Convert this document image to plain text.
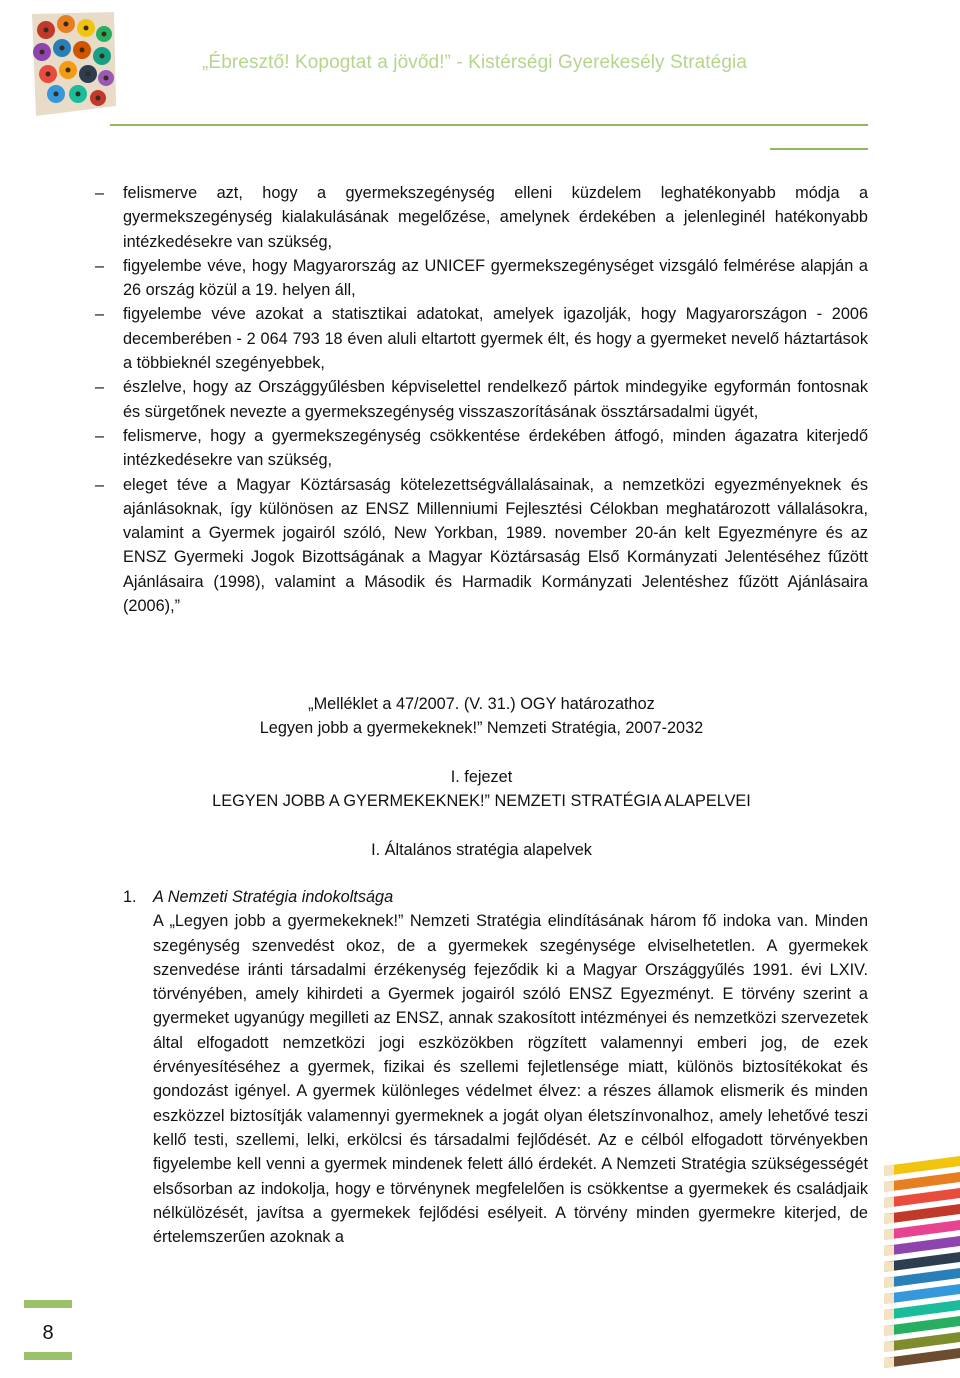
„Ébresztő! Kopogtat a jövőd!” - Kistérségi Gyerekesély Stratégia
–	felismerve azt, hogy a gyermekszegénység elleni küzdelem leghatékonyabb módja a gyermekszegénység kialakulásának megelőzése, amelynek érdekében a jelenleginél hatékonyabb intézkedésekre van szükség,
–	figyelembe véve, hogy Magyarország az UNICEF gyermekszegénységet vizsgáló felmérése alapján a 26 ország közül a 19. helyen áll,
–	figyelembe véve azokat a statisztikai adatokat, amelyek igazolják, hogy Magyarországon - 2006 decemberében - 2 064 793 18 éven aluli eltartott gyermek élt, és hogy a gyermeket nevelő háztartások a többieknél szegényebbek,
–	észlelve, hogy az Országgyűlésben képviselettel rendelkező pártok mindegyike egyformán fontosnak és sürgetőnek nevezte a gyermekszegénység visszaszorításának össztársadalmi ügyét,
–	felismerve, hogy a gyermekszegénység csökkentése érdekében átfogó, minden ágazatra kiterjedő intézkedésekre van szükség,
–	eleget téve a Magyar Köztársaság kötelezettségvállalásainak, a nemzetközi egyezményeknek és ajánlásoknak, így különösen az ENSZ Millenniumi Fejlesztési Célokban meghatározott vállalásokra, valamint a Gyermek jogairól szóló, New Yorkban, 1989. november 20-án kelt Egyezményre és az ENSZ Gyermeki Jogok Bizottságának a Magyar Köztársaság Első Kormányzati Jelentéséhez fűzött Ajánlásaira (1998), valamint a Második és Harmadik Kormányzati Jelentéshez fűzött Ajánlásaira (2006),”
„Melléklet a 47/2007. (V. 31.) OGY határozathoz
Legyen jobb a gyermekeknek!” Nemzeti Stratégia, 2007-2032
I. fejezet
LEGYEN JOBB A GYERMEKEKNEK!” NEMZETI STRATÉGIA ALAPELVEI
I. Általános stratégia alapelvek
1.	A Nemzeti Stratégia indokoltsága
A „Legyen jobb a gyermekeknek!” Nemzeti Stratégia elindításának három fő indoka van. Minden szegénység szenvedést okoz, de a gyermekek szegénysége elviselhetetlen. A gyermekek szenvedése iránti társadalmi érzékenység fejeződik ki a Magyar Országgyűlés 1991. évi LXIV. törvényében, amely kihirdeti a Gyermek jogairól szóló ENSZ Egyezményt. E törvény szerint a gyermeket ugyanúgy megilleti az ENSZ, annak szakosított intézményei és nemzetközi szervezetek által elfogadott nemzetközi jogi eszközökben rögzített valamennyi emberi jog, de ezek érvényesítéséhez a gyermek, fizikai és szellemi fejletlensége miatt, különös biztosítékokat és gondozást igényel. A gyermek különleges védelmet élvez: a részes államok elismerik és minden eszközzel biztosítják valamennyi gyermeknek a jogát olyan életszínvonalhoz, amely lehetővé teszi kellő testi, szellemi, lelki, erkölcsi és társadalmi fejlődését. Az e célból elfogadott törvényekben figyelembe kell venni a gyermek mindenek felett álló érdekét. A Nemzeti Stratégia szükségességét elsősorban az indokolja, hogy e törvénynek megfelelően is csökkentse a gyermekek és családjaik nélkülözését, javítsa a gyermekek fejlődési esélyeit. A törvény minden gyermekre kiterjed, de értelemszerűen azoknak a
8
